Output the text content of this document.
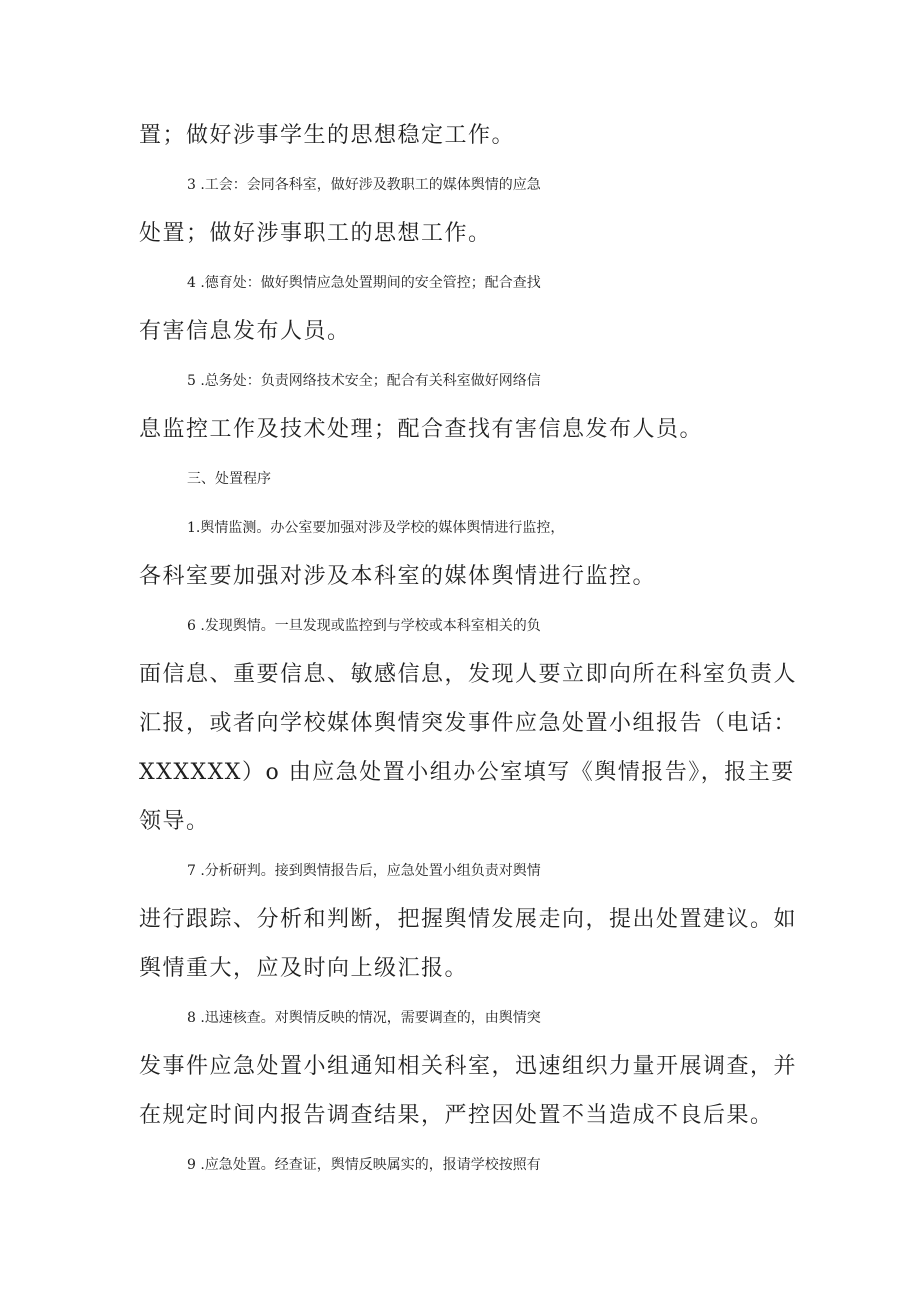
置；做好涉事学生的思想稳定工作。
3 .工会：会同各科室，做好涉及教职工的媒体舆情的应急
处置；做好涉事职工的思想工作。
4 .德育处：做好舆情应急处置期间的安全管控；配合查找
有害信息发布人员。
5 .总务处：负责网络技术安全；配合有关科室做好网络信
息监控工作及技术处理；配合查找有害信息发布人员。
三、处置程序
1.舆情监测。办公室要加强对涉及学校的媒体舆情进行监控，
各科室要加强对涉及本科室的媒体舆情进行监控。
6 .发现舆情。一旦发现或监控到与学校或本科室相关的负
面信息、重要信息、敏感信息，发现人要立即向所在科室负责人
汇报，或者向学校媒体舆情突发事件应急处置小组报告（电话：
XXXXXX）o 由应急处置小组办公室填写《舆情报告》，报主要
领导。
7 .分析研判。接到舆情报告后，应急处置小组负责对舆情
进行跟踪、分析和判断，把握舆情发展走向，提出处置建议。如
舆情重大，应及时向上级汇报。
8 .迅速核查。对舆情反映的情况，需要调查的，由舆情突
发事件应急处置小组通知相关科室，迅速组织力量开展调查，并
在规定时间内报告调查结果，严控因处置不当造成不良后果。
9 .应急处置。经查证，舆情反映属实的，报请学校按照有
